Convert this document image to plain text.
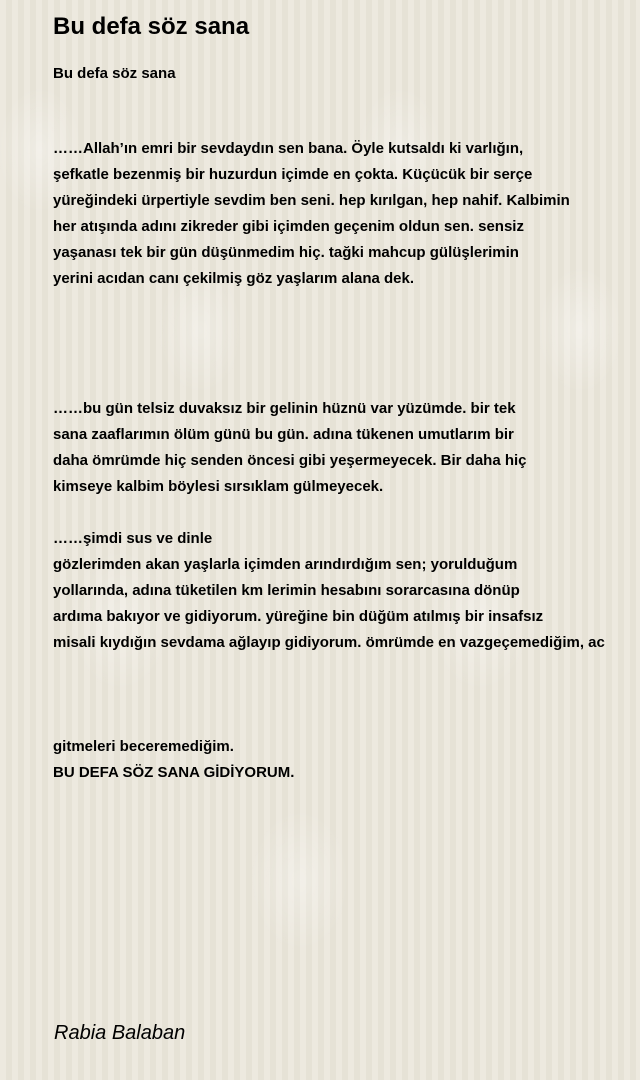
Bu defa söz sana
Bu defa söz sana
……Allah’ın emri bir sevdaydın sen bana. Öyle kutsaldı ki varlığın,
şefkatle bezenmiş bir huzurdun içimde en çokta. Küçücük bir serçe
yüreğindeki ürpertiyle sevdim ben seni. hep kırılgan, hep nahif. Kalbimin
her atışında adını zikreder gibi içimden geçenim oldun sen. sensiz
yaşanası tek bir gün düşünmedim hiç. tağki mahcup gülüşlerimin
yerini acıdan canı çekilmiş göz yaşlarım alana dek.
……bu gün telsiz duvaksız bir gelinin hüznü var yüzümde. bir tek
sana zaaflarımın ölüm günü bu gün. adına tükenen umutlarım bir
daha ömrümde hiç senden öncesi gibi yeşermeyecek. Bir daha hiç
kimseye kalbim böylesi sırsıklam gülmeyecek.
……şimdi sus ve dinle
gözlerimden akan yaşlarla içimden arındırdığım sen; yorulduğum
yollarında, adına tüketilen km lerimin hesabını sorarcasına dönüp
ardıma bakıyor ve gidiyorum. yüreğine bin düğüm atılmış bir insafsız
misali kıydığın sevdama ağlayıp gidiyorum. ömrümde en vazgeçemediğim, ac
gitmeleri beceremediğim.
BU DEFA SÖZ SANA GİDİYORUM.
Rabia Balaban
